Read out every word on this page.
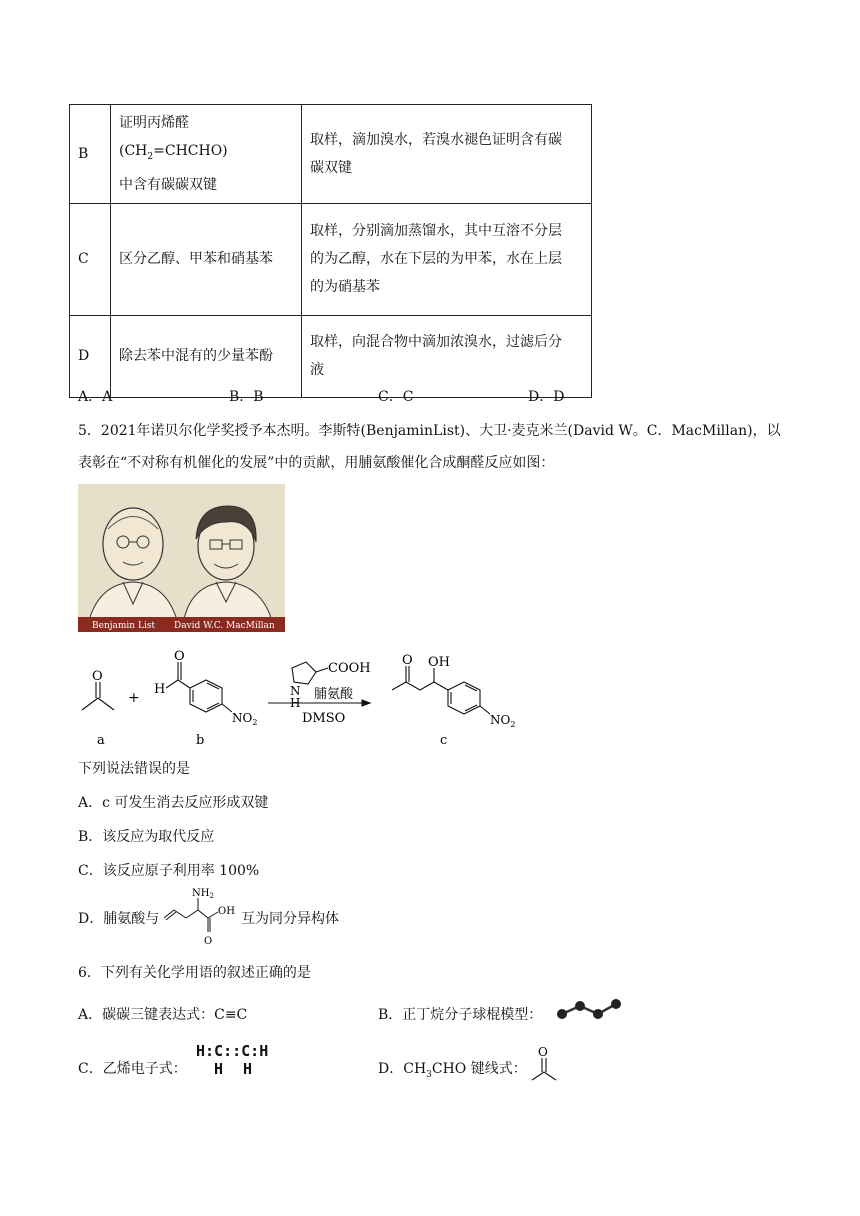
B	证明丙烯醛$(CH_2=CHCHO)$
中含有碳碳双键	取样，滴加溴水，若溴水褪色证明含有碳
碳双键
C	区分乙醇、甲苯和硝基苯	取样，分别滴加蒸馏水，其中互溶不分层
的为乙醇，水在下层的为甲苯，水在上层
的为硝基苯
D	除去苯中混有的少量苯酚	取样，向混合物中滴加浓溴水，过滤后分
液
A．A	B．B	C．C	D．D
5．2021年诺贝尔化学奖授予本杰明。李斯特(BenjaminList)、大卫·麦克米兰(David W。C．MacMillan)，以
表彰在“不对称有机催化的发展”中的贡献，用脯氨酸催化合成酮醛反应如图：
Benjamin List David W.C. MacMillan
O
a
+
H
O
$NO_2$
b
COOH
N
H
脯氨酸
DMSO
O OH
$NO_2$
c
下列说法错误的是
A．c 可发生消去反应形成双键
B．该反应为取代反应
C．该反应原子利用率 100%
D．脯氨酸与
$NH_2$
OH
O
互为同分异构体
6．下列有关化学用语的叙述正确的是
A．碳碳三键表达式：C≡C	B．正丁烷分子球棍模型：
C．乙烯电子式：
H:C::C:H
H H	D．$CH_3CHO$ 键线式：
O
